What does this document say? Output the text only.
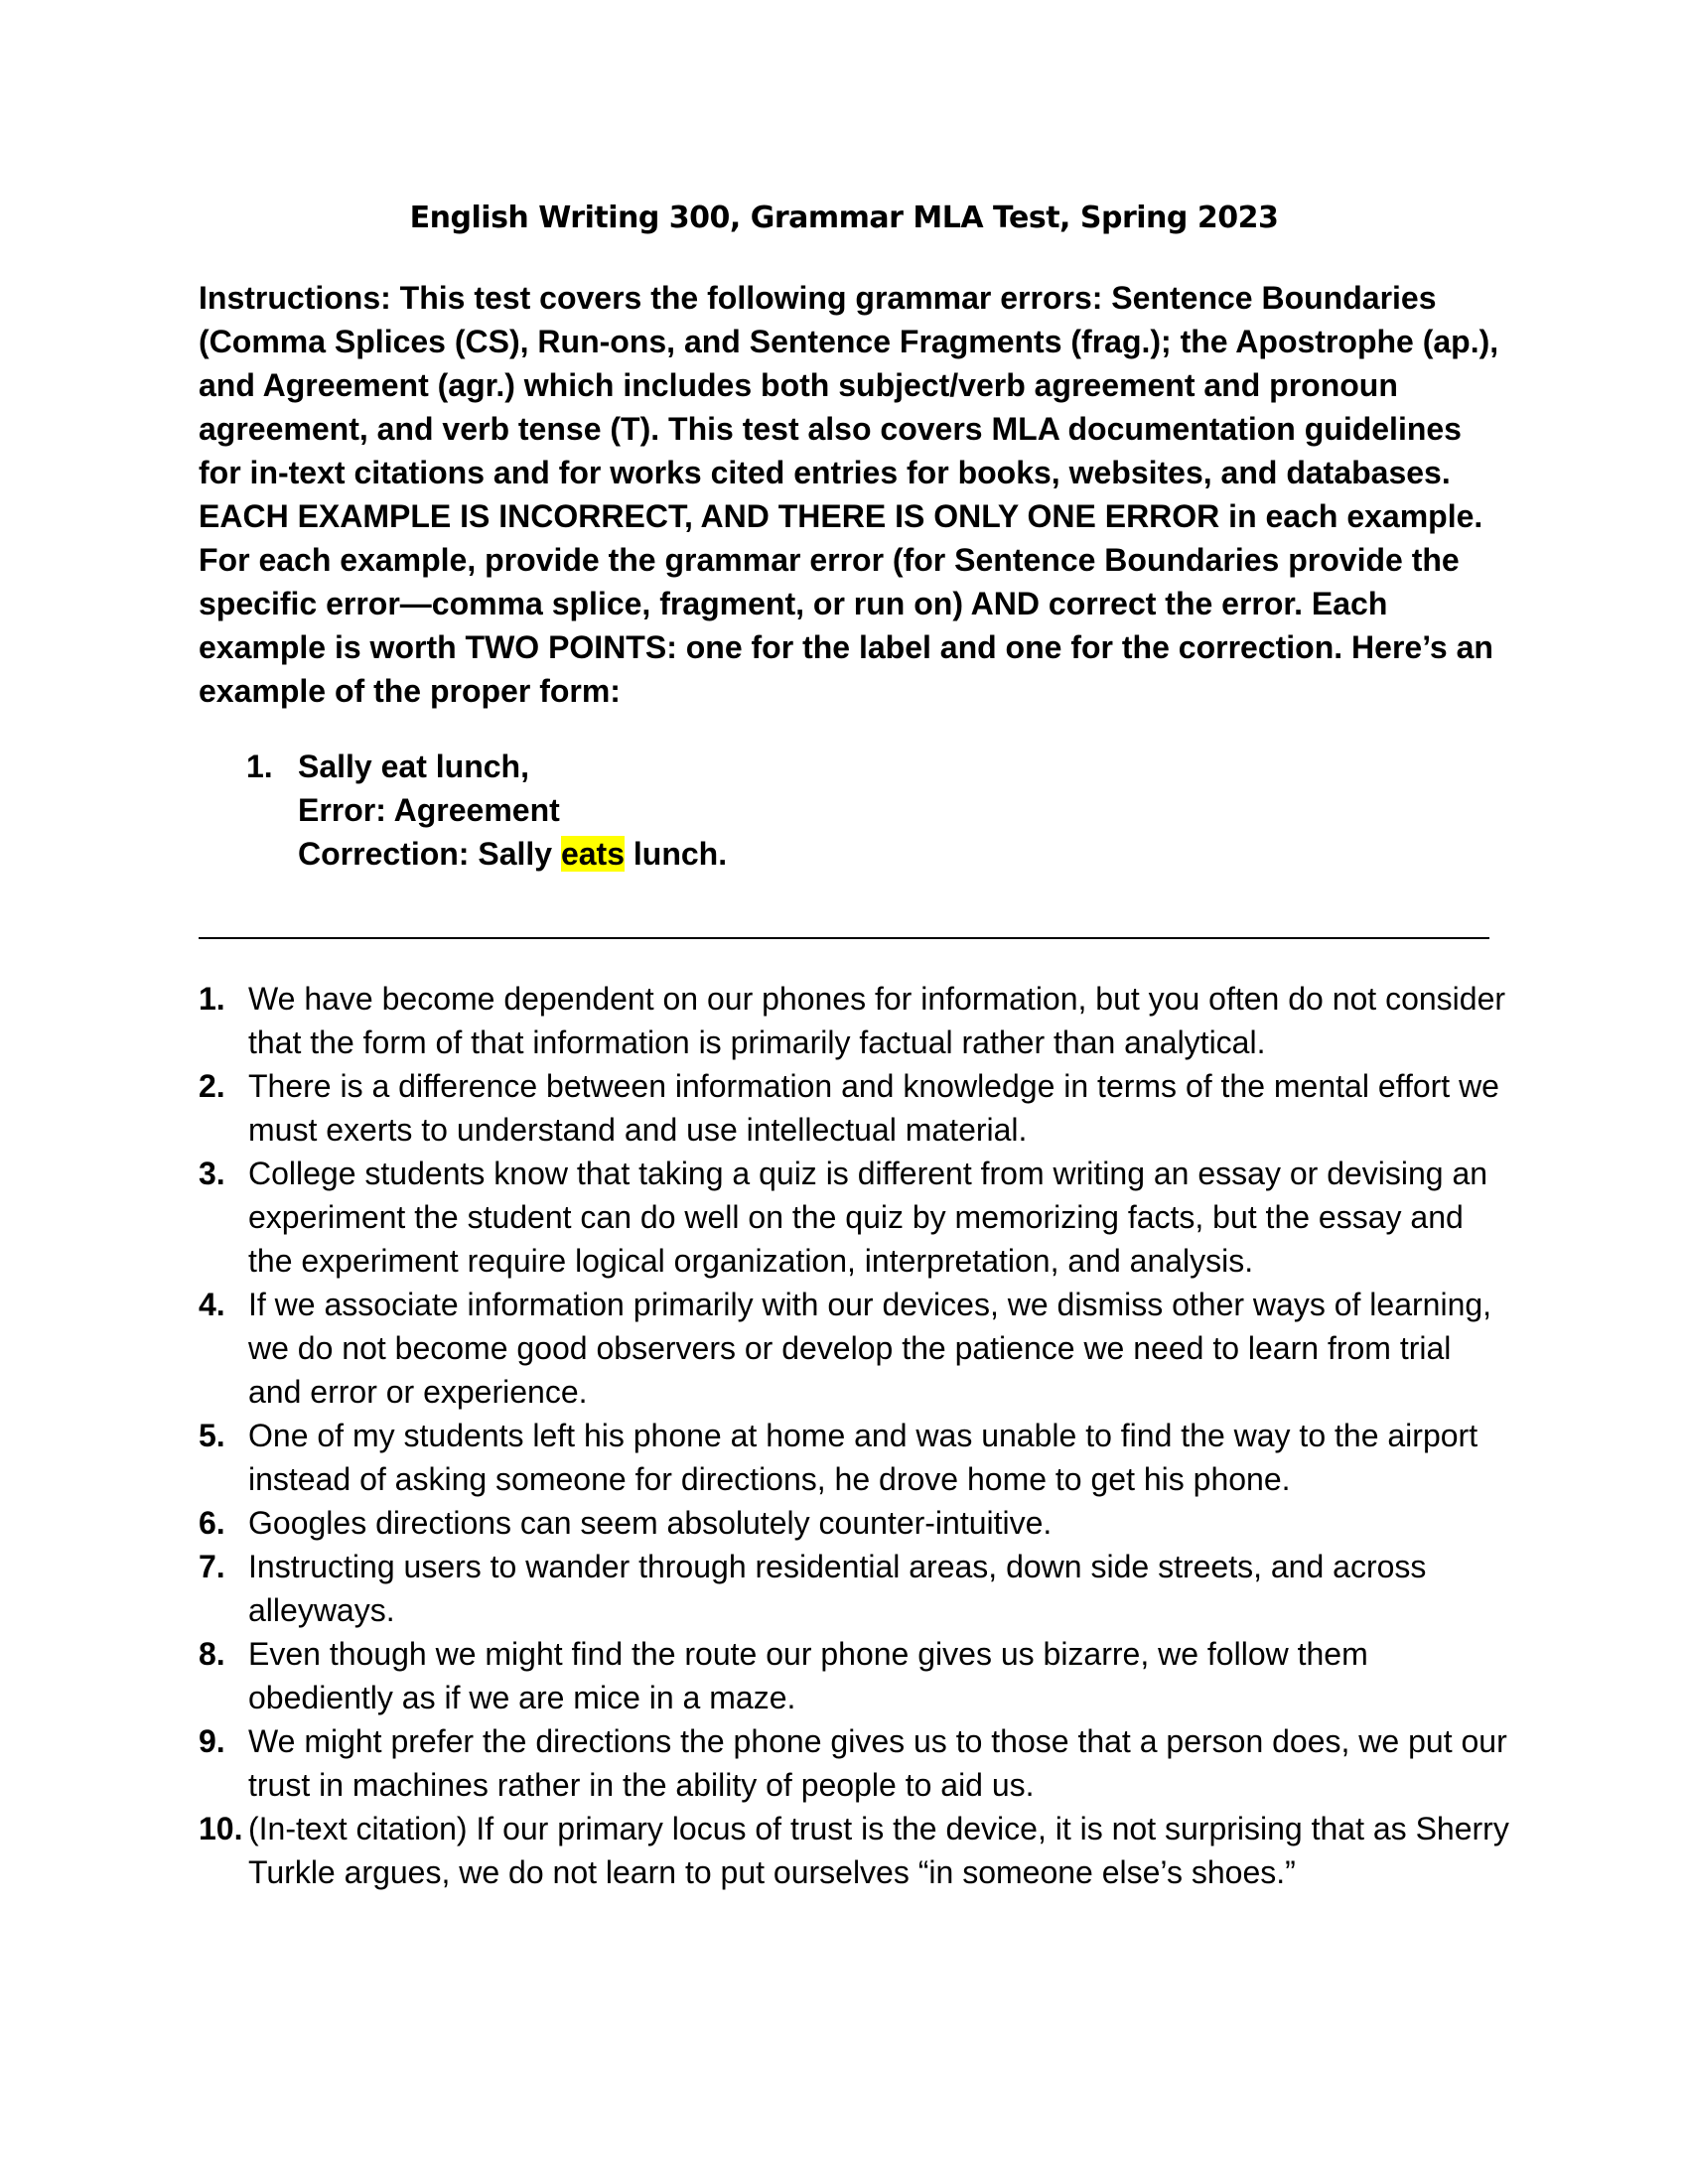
English Writing 300, Grammar MLA Test, Spring 2023

Instructions: This test covers the following grammar errors: Sentence Boundaries (Comma Splices (CS), Run-ons, and Sentence Fragments (frag.); the Apostrophe (ap.), and Agreement (agr.) which includes both subject/verb agreement and pronoun agreement, and verb tense (T). This test also covers MLA documentation guidelines for in-text citations and for works cited entries for books, websites, and databases. EACH EXAMPLE IS INCORRECT, AND THERE IS ONLY ONE ERROR in each example. For each example, provide the grammar error (for Sentence Boundaries provide the specific error—comma splice, fragment, or run on) AND correct the error. Each example is worth TWO POINTS: one for the label and one for the correction. Here’s an example of the proper form:

1. Sally eat lunch,
Error: Agreement
Correction: Sally eats lunch.
1. We have become dependent on our phones for information, but you often do not consider that the form of that information is primarily factual rather than analytical.
2. There is a difference between information and knowledge in terms of the mental effort we must exerts to understand and use intellectual material.
3. College students know that taking a quiz is different from writing an essay or devising an experiment the student can do well on the quiz by memorizing facts, but the essay and the experiment require logical organization, interpretation, and analysis.
4. If we associate information primarily with our devices, we dismiss other ways of learning, we do not become good observers or develop the patience we need to learn from trial and error or experience.
5. One of my students left his phone at home and was unable to find the way to the airport instead of asking someone for directions, he drove home to get his phone.
6. Googles directions can seem absolutely counter-intuitive.
7. Instructing users to wander through residential areas, down side streets, and across alleyways.
8. Even though we might find the route our phone gives us bizarre, we follow them obediently as if we are mice in a maze.
9. We might prefer the directions the phone gives us to those that a person does, we put our trust in machines rather in the ability of people to aid us.
10. (In-text citation) If our primary locus of trust is the device, it is not surprising that as Sherry Turkle argues, we do not learn to put ourselves “in someone else’s shoes.”
